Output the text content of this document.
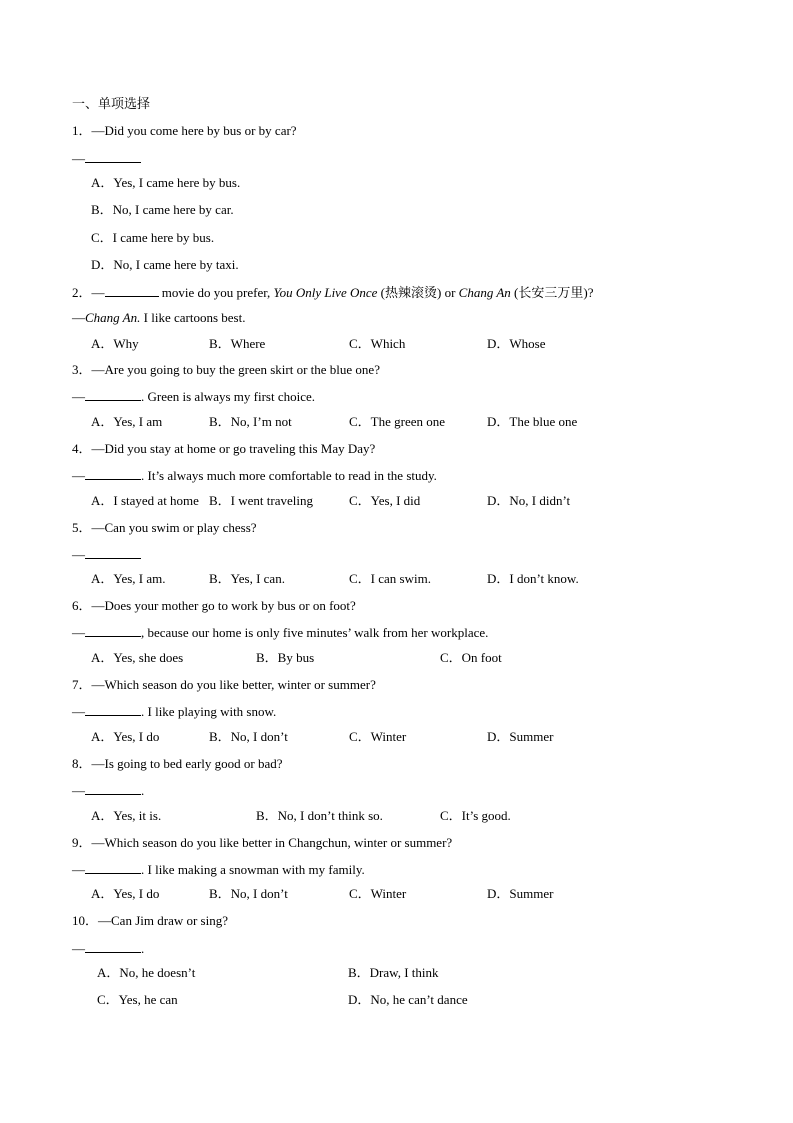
一、单项选择
1．—Did you come here by bus or by car?
—
A．Yes, I came here by bus.
B．No, I came here by car.
C．I came here by bus.
D．No, I came here by taxi.
2．—	movie do you prefer, You Only Live Once (热辣滚烫) or Chang An (长安三万里)?
—Chang An. I like cartoons best.
A．Why	B．Where	C．Which	D．Whose
3．—Are you going to buy the green skirt or the blue one?
—	. Green is always my first choice.
A．Yes, I am	B．No, I’m not	C．The green one	D．The blue one
4．—Did you stay at home or go traveling this May Day?
—	. It’s always much more comfortable to read in the study.
A．I stayed at home B．I went traveling	C．Yes, I did	D．No, I didn’t
5．—Can you swim or play chess?
—
A．Yes, I am.	B．Yes, I can.	C．I can swim.	D．I don’t know.
6．—Does your mother go to work by bus or on foot?
—	, because our home is only five minutes’ walk from her workplace.
A．Yes, she does	B．By bus	C．On foot
7．—Which season do you like better, winter or summer?
—	. I like playing with snow.
A．Yes, I do	B．No, I don’t	C．Winter	D．Summer
8．—Is going to bed early good or bad?
—	.
A．Yes, it is.	B．No, I don’t think so.	C．It’s good.
9．—Which season do you like better in Changchun, winter or summer?
—	. I like making a snowman with my family.
A．Yes, I do	B．No, I don’t	C．Winter	D．Summer
10．—Can Jim draw or sing?
—	.
A．No, he doesn’t	B．Draw, I think
C．Yes, he can	D．No, he can’t dance
